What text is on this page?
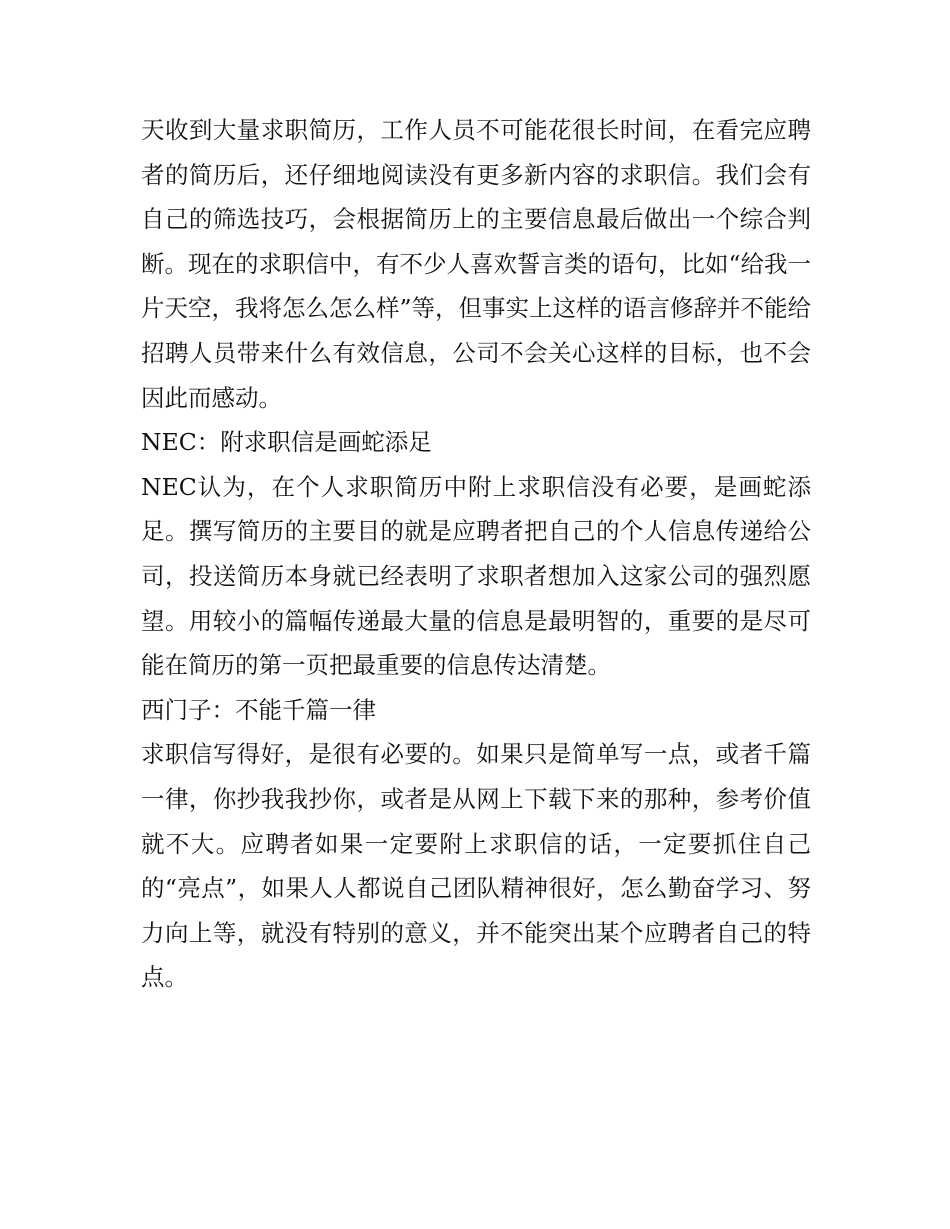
天收到大量求职简历，工作人员不可能花很长时间，在看完应聘者的简历后，还仔细地阅读没有更多新内容的求职信。我们会有自己的筛选技巧，会根据简历上的主要信息最后做出一个综合判断。现在的求职信中，有不少人喜欢誓言类的语句，比如“给我一片天空，我将怎么怎么样”等，但事实上这样的语言修辞并不能给招聘人员带来什么有效信息，公司不会关心这样的目标，也不会因此而感动。

NEC：附求职信是画蛇添足

NEC认为，在个人求职简历中附上求职信没有必要，是画蛇添足。撰写简历的主要目的就是应聘者把自己的个人信息传递给公司，投送简历本身就已经表明了求职者想加入这家公司的强烈愿望。用较小的篇幅传递最大量的信息是最明智的，重要的是尽可能在简历的第一页把最重要的信息传达清楚。

西门子：不能千篇一律

求职信写得好，是很有必要的。如果只是简单写一点，或者千篇一律，你抄我我抄你，或者是从网上下载下来的那种，参考价值就不大。应聘者如果一定要附上求职信的话，一定要抓住自己的“亮点”，如果人人都说自己团队精神很好，怎么勤奋学习、努力向上等，就没有特别的意义，并不能突出某个应聘者自己的特点。
